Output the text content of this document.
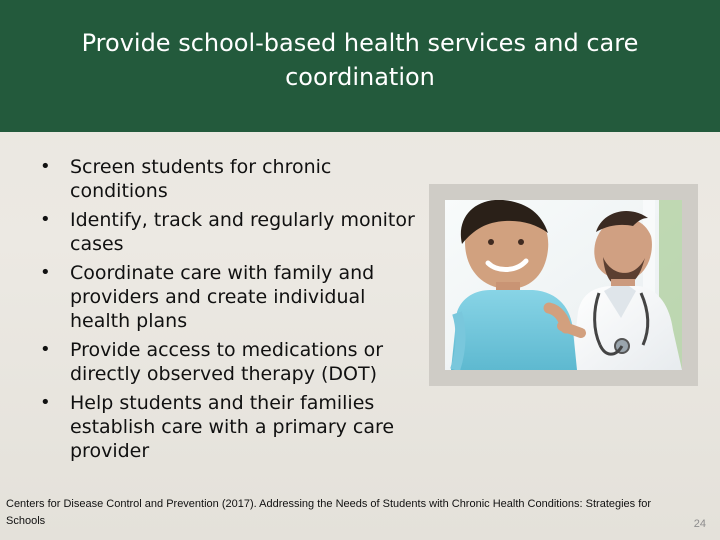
Provide school-based health services and care coordination
• Screen students for chronic conditions
• Identify, track and regularly monitor cases
• Coordinate care with family and providers and create individual health plans
• Provide access to medications or directly observed therapy (DOT)
• Help students and their families establish care with a primary care provider

Centers for Disease Control and Prevention (2017). Addressing the Needs of Students with Chronic Health Conditions: Strategies for Schools	24
